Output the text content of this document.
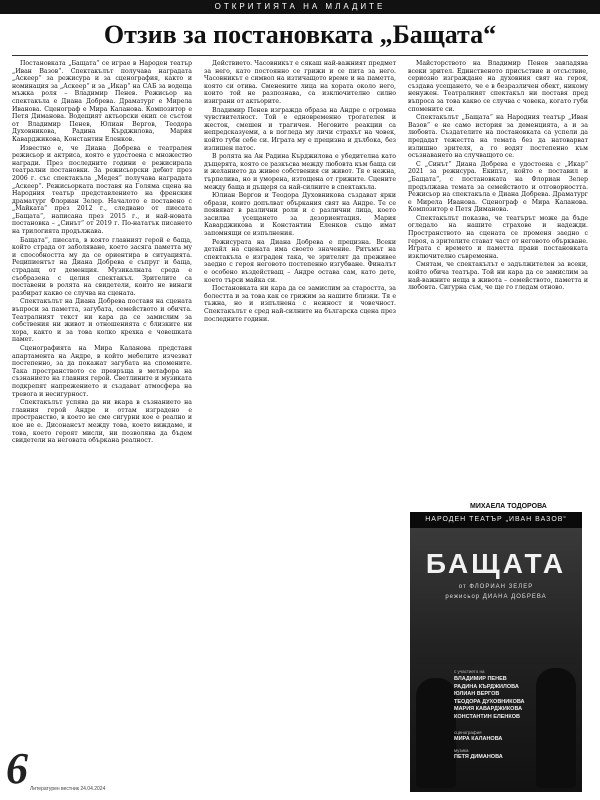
ОТКРИТИЯТА НА МЛАДИТЕ
Отзив за постановката „Бащата“

Постановката „Бащата“ се играе в Народен театър „Иван Вазов“. Спектакълът получава наградата „Аскеер“ за режисура и за сценография, както и номинация за „Аскеер“ и за „Икар“ на САБ за водеща мъжка роля – Владимир Пенев. Режисьор на спектакъла е Диана Добрева. Драматург е Мирела Иванова. Сценограф е Мира Каланова. Композитор е Петя Диманова. Водещият актьорски екип се състои от Владимир Пенев, Юлиан Вергов, Теодора Духовникова, Радина Кърджилова, Мария Каварджикова, Константин Еленков.

Известно е, че Диана Добрева е театрален режисьор и актриса, която е удостоена с множество награди. През последните години е режисирала театрални постановки. За режисьорски дебют през 2006 г. със спектакъла „Медея“ получава наградата „Аскеер“. Режисьорката поставя на Голяма сцена на Народния театър представлението на френския драматург Флориан Зелер. Началото е поставено с „Майката“ през 2012 г., следвано от пиесата „Бащата“, написана през 2015 г., и най-новата постановка – „Синът“ от 2019 г. По-нататък писането на трилогията продължава.

Бащата“, пиесата, в която главният герой е баща, който страда от заболяване, което засяга паметта му и способността му да се ориентира в ситуацията. Реципиентът на Диана Добрева е съпруг и баща, страдащ от деменция. Музикалната среда е съобразена с целия спектакъл. Зрителите са поставени в ролята на свидетели, които не винаги разбират какво се случва на сцената.

Спектакълът на Диана Добрева поставя на сцената въпроси за паметта, загубата, семейството и обичта. Театралният текст ни кара да се замислим за собствения ни живот и отношенията с близките ни хора, както и за това колко крехка е човешката памет.

Сценографията на Мира Каланова представя апартамента на Андре, в който мебелите изчезват постепенно, за да покажат загубата на спомените. Така пространството се превръща в метафора на съзнанието на главния герой. Светлините и музиката подкрепят напрежението и създават атмосфера на тревога и несигурност.

Спектакълът успява да ни вкара в съзнанието на главния герой Андре и оттам изградено е пространство, в което не сме сигурни кое е реално и кое не е. Дисонансът между това, което виждаме, и това, което героят мисли, ни позволява да бъдем свидетели на неговата объркана реалност.

Действието. Часовникът е сякаш най-важният предмет за него, като постоянно се грижи и се пита за него. Часовникът е символ на изтичащото време и на паметта, която си отива. Сменените лица на хората около него, които той не разпознава, са изключително силно изиграни от актьорите.

Владимир Пенев изгражда образа на Андре с огромна чувствителност. Той е едновременно трогателен и жесток, смешен и трагичен. Неговите реакции са непредсказуеми, а в погледа му личи страхът на човек, който губи себе си. Играта му е прецизна и дълбока, без излишен патос.

В ролята на Ан Радина Кърджилова е убедителна като дъщерята, която се разкъсва между любовта към баща си и желанието да живее собствения си живот. Тя е нежна, търпелива, но и уморена, изтощена от грижите. Сцените между баща и дъщеря са най-силните в спектакъла.

Юлиан Вергов и Теодора Духовникова създават ярки образи, които допълват объркания свят на Андре. Те се появяват в различни роли и с различни лица, което засилва усещането за дезориентация. Мария Каварджикова и Константин Еленков също имат запомнящи се изпълнения.

Режисурата на Диана Добрева е прецизна. Всеки детайл на сцената има своето значение. Ритъмът на спектакъла е изграден така, че зрителят да преживее заедно с героя неговото постепенно изгубване. Финалът е особено въздействащ – Андре остава сам, като дете, което търси майка си.

Постановката ни кара да се замислим за старостта, за болестта и за това как се грижим за нашите близки. Тя е тъжна, но и изпълнена с нежност и човечност. Спектакълът е сред най-силните на българска сцена през последните години.

Майсторството на Владимир Пенев завладява всеки зрител. Единственото присъствие и отсъствие, сериозно изграждане на духовния свят на героя, създава усещането, че е в безразличен обект, никому ненужен. Театралният спектакъл ни поставя пред въпроса за това какво се случва с човека, когато губи спомените си.

Спектакълът „Бащата“ на Народния театър „Иван Вазов“ е не само история за деменцията, а и за любовта. Създателите на постановката са успели да предадат тежестта на темата без да натоварват излишно зрителя, а го водят постепенно към осъзнаването на случващото се.

С „Синът“ Диана Добрева е удостоена с „Икар“ 2021 за режисура. Екипът, който е поставил и „Бащата“, с постановката на Флориан Зелер продължава темата за семейството и отговорността. Режисьор на спектакъла е Диана Добрева. Драматург е Мирела Иванова. Сценограф е Мира Каланова. Композитор е Петя Диманова.

Спектакълът показва, че театърът може да бъде огледало на нашите страхове и надежди. Пространството на сцената се променя заедно с героя, а зрителите стават част от неговото объркване. Играта с времето и паметта прави постановката изключително съвременна.

Смятам, че спектакълът е задължителен за всеки, който обича театъра. Той ни кара да се замислим за най-важните неща в живота – семейството, паметта и любовта. Сигурна съм, че ще го гледам отново.

МИХАЕЛА ТОДОРОВА
НАРОДЕН ТЕАТЪР „ИВАН ВАЗОВ“
БАЩАТА
от ФЛОРИАН ЗЕЛЕР
режисьор ДИАНА ДОБРЕВА
с участието на
ВЛАДИМИР ПЕНЕВ
РАДИНА КЪРДЖИЛОВА
ЮЛИАН ВЕРГОВ
ТЕОДОРА ДУХОВНИКОВА
МАРИЯ КАВАРДЖИКОВА
КОНСТАНТИН ЕЛЕНКОВ
сценография
МИРА КАЛАНОВА
музика
ПЕТЯ ДИМАНОВА
6 Литературен вестник 24.04.2024
